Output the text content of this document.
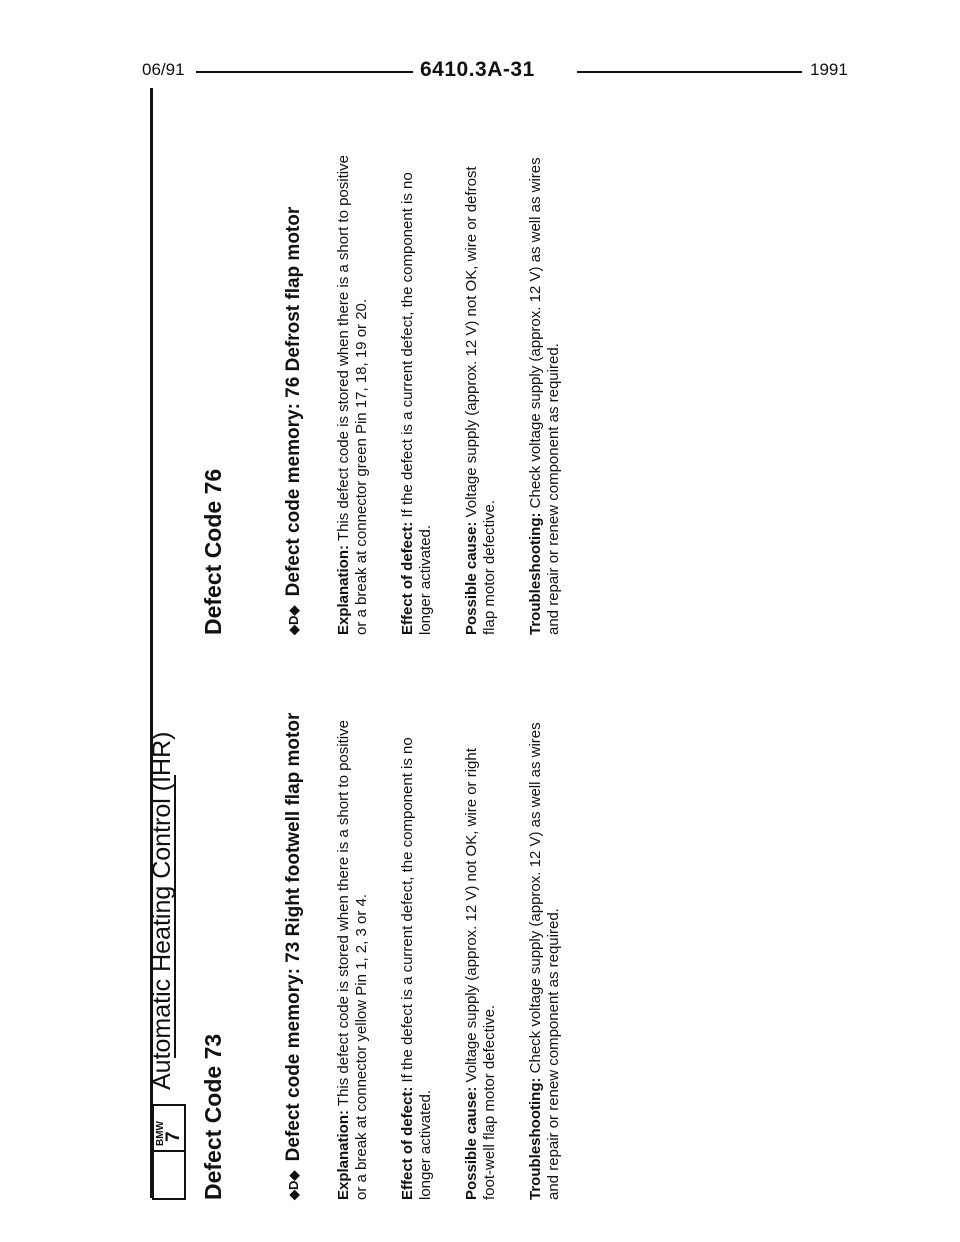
06/91	6410.3A-31	1991
BMW
7
Automatic Heating Control (IHR)
Defect Code 73
Defect Code 76
◆D◆ Defect code memory: 73 Right footwell flap motor Explanation: This defect code is stored when there is a short to positive or a break at connector yellow Pin 1, 2, 3 or 4. Effect of defect: If the defect is a current defect, the component is no longer activated. Possible cause: Voltage supply (approx. 12 V) not OK, wire or right foot-well flap motor defective. Troubleshooting: Check voltage supply (approx. 12 V) as well as wires and repair or renew component as required.

◆D◆ Defect code memory: 76 Defrost flap motor Explanation: This defect code is stored when there is a short to positive or a break at connector green Pin 17, 18, 19 or 20. Effect of defect: If the defect is a current defect, the component is no longer activated. Possible cause: Voltage supply (approx. 12 V) not OK, wire or defrost flap motor defective. Troubleshooting: Check voltage supply (approx. 12 V) as well as wires and repair or renew component as required.
